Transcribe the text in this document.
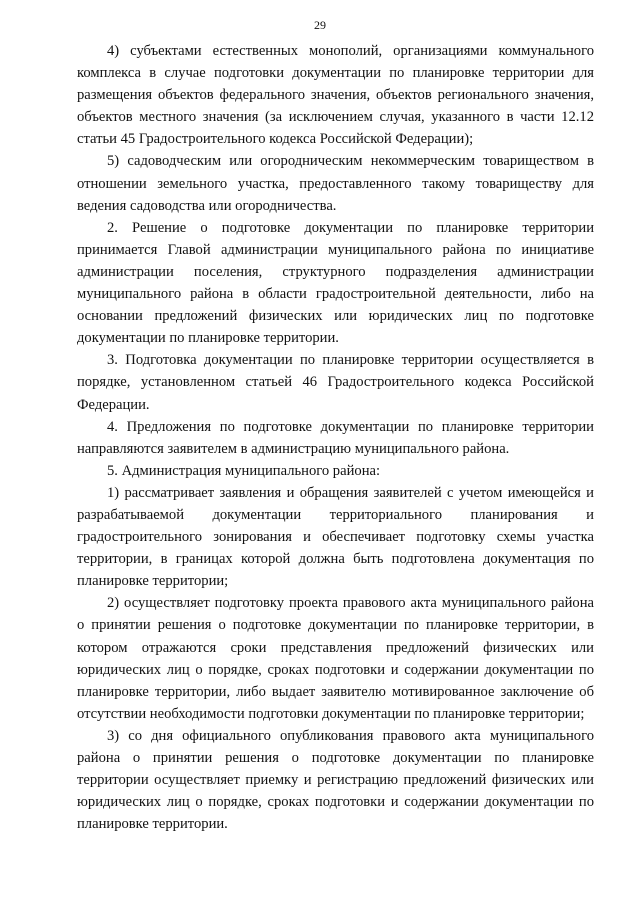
29

4) субъектами естественных монополий, организациями коммунального комплекса в случае подготовки документации по планировке территории для размещения объектов федерального значения, объектов регионального значения, объектов местного значения (за исключением случая, указанного в части 12.12 статьи 45 Градостроительного кодекса Российской Федерации);

5) садоводческим или огородническим некоммерческим товариществом в отношении земельного участка, предоставленного такому товариществу для ведения садоводства или огородничества.

2. Решение о подготовке документации по планировке территории принимается Главой администрации муниципального района по инициативе администрации поселения, структурного подразделения администрации муниципального района в области градостроительной деятельности, либо на основании предложений физических или юридических лиц по подготовке документации по планировке территории.

3. Подготовка документации по планировке территории осуществляется в порядке, установленном статьей 46 Градостроительного кодекса Российской Федерации.

4. Предложения по подготовке документации по планировке территории направляются заявителем в администрацию муниципального района.

5. Администрация муниципального района:

1) рассматривает заявления и обращения заявителей с учетом имеющейся и разрабатываемой документации территориального планирования и градостроительного зонирования и обеспечивает подготовку схемы участка территории, в границах которой должна быть подготовлена документация по планировке территории;

2) осуществляет подготовку проекта правового акта муниципального района о принятии решения о подготовке документации по планировке территории, в котором отражаются сроки представления предложений физических или юридических лиц о порядке, сроках подготовки и содержании документации по планировке территории, либо выдает заявителю мотивированное заключение об отсутствии необходимости подготовки документации по планировке территории;

3) со дня официального опубликования правового акта муниципального района о принятии решения о подготовке документации по планировке территории осуществляет приемку и регистрацию предложений физических или юридических лиц о порядке, сроках подготовки и содержании документации по планировке территории.
